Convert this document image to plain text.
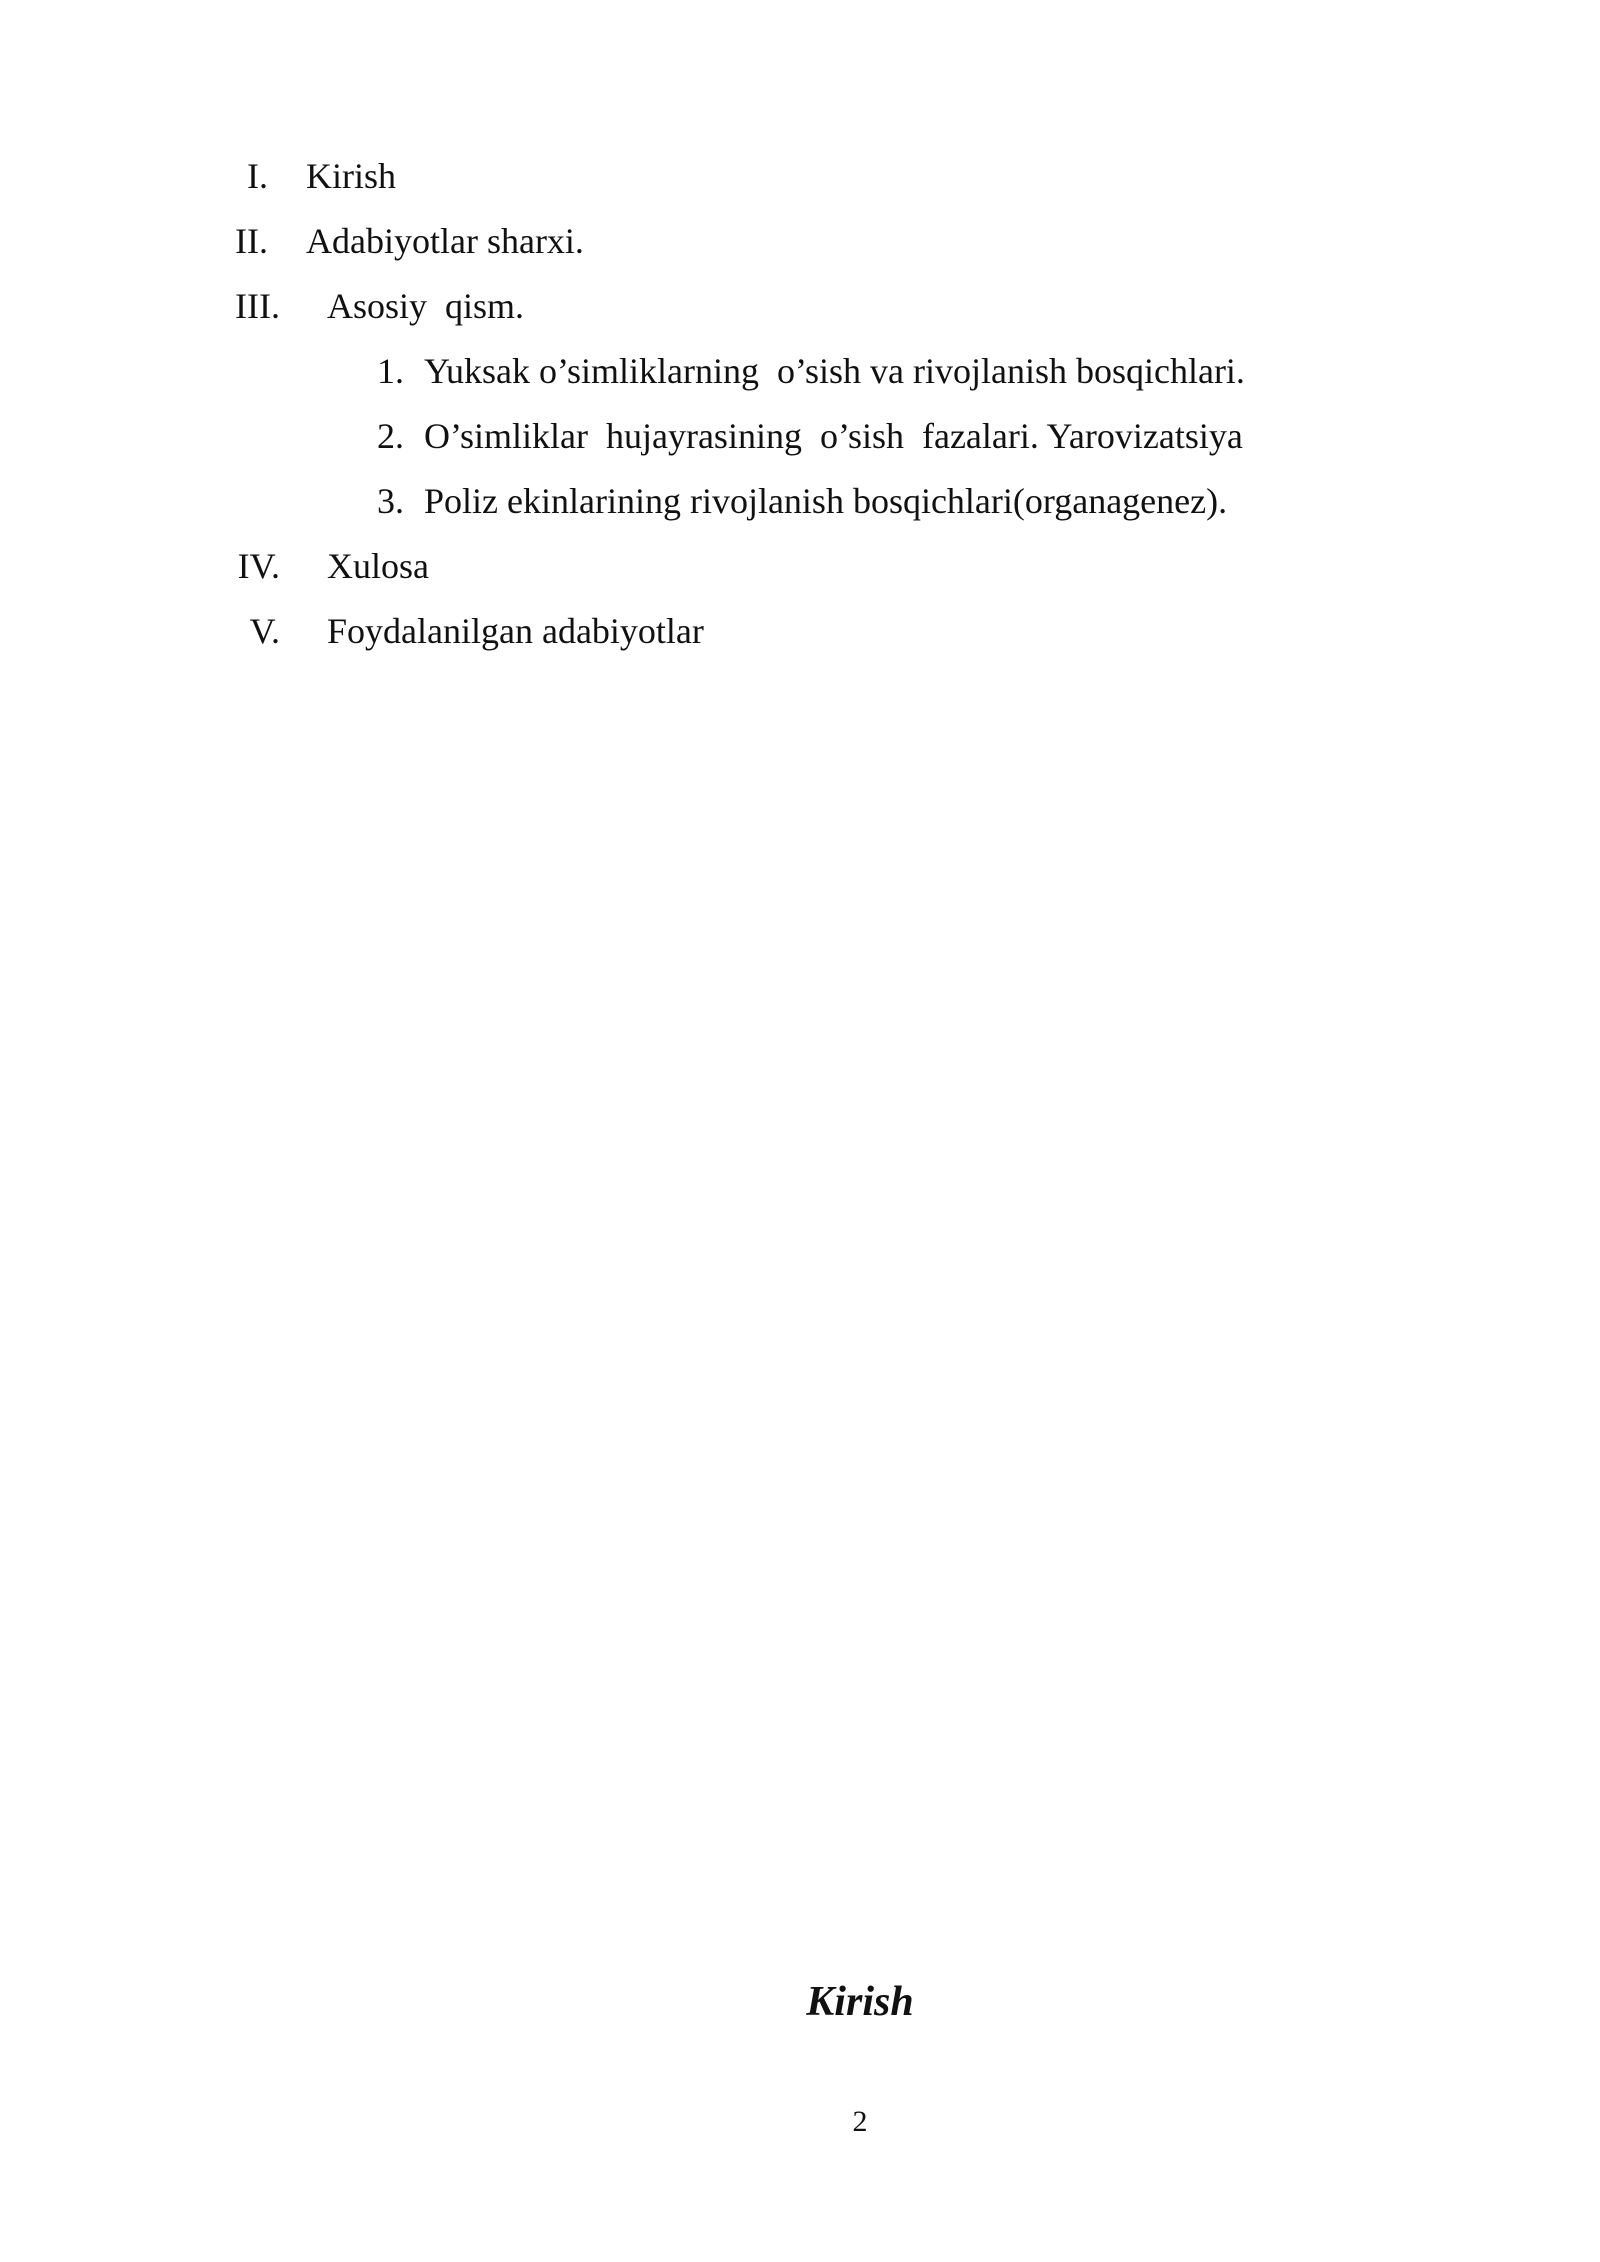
I. Kirish
II. Adabiyotlar sharxi.
III. Asosiy  qism.
1. Yuksak o’simliklarning  o’sish va rivojlanish bosqichlari.
2. O’simliklar  hujayrasining  o’sish  fazalari. Yarovizatsiya
3. Poliz ekinlarining rivojlanish bosqichlari(organagenez).
IV. Xulosa
V. Foydalanilgan adabiyotlar
Kirish
2
